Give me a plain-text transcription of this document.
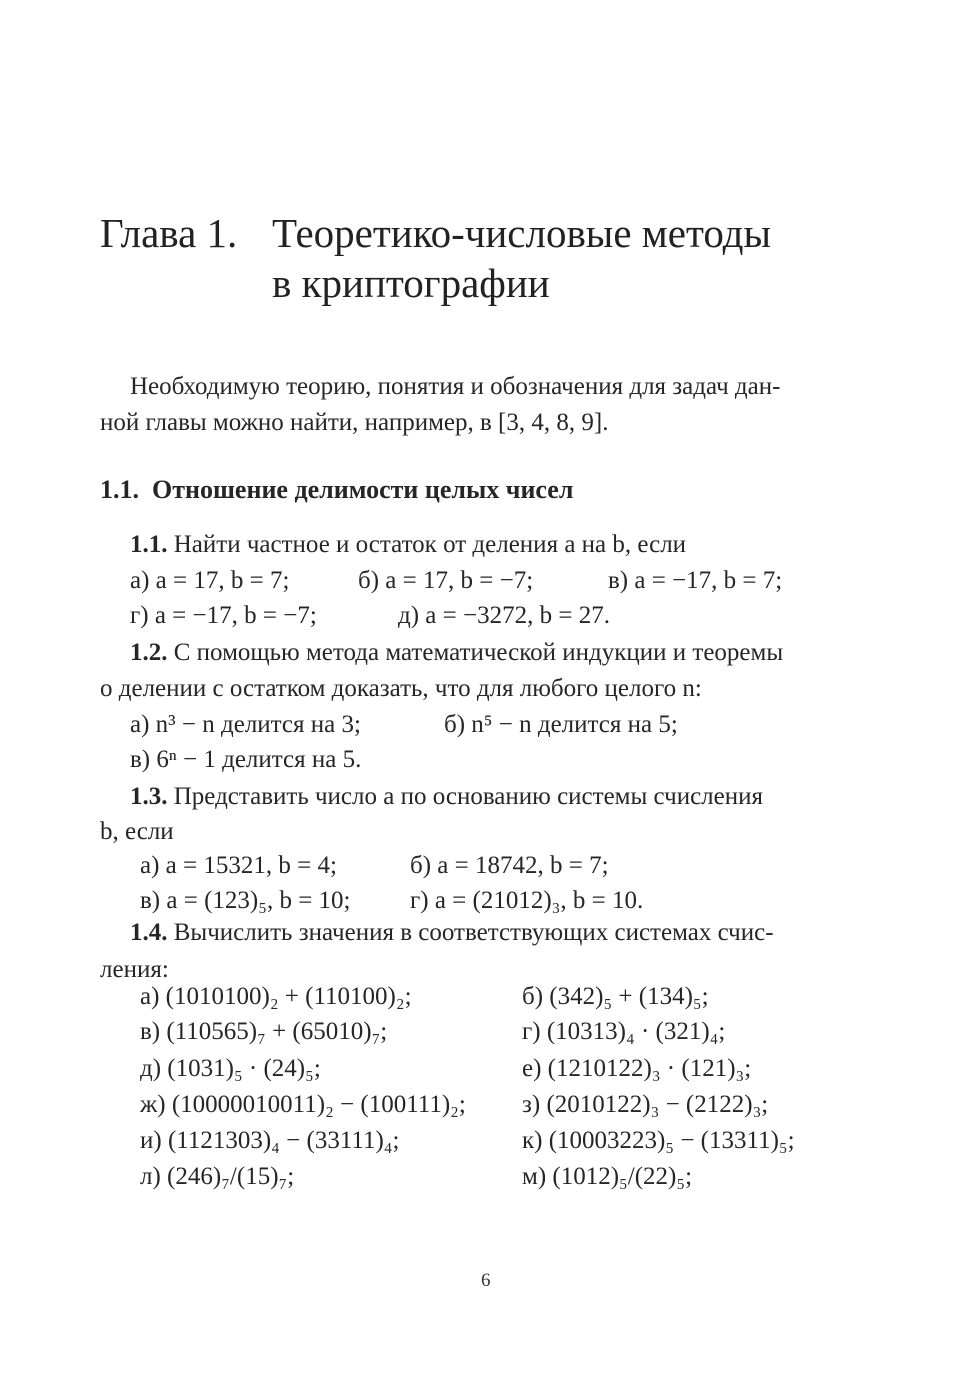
Глава 1. Теоретико-числовые методы
в криптографии
Необходимую теорию, понятия и обозначения для задач дан-
ной главы можно найти, например, в [3, 4, 8, 9].
1.1. Отношение делимости целых чисел
1.1. Найти частное и остаток от деления a на b, если
а) a = 17, b = 7;	б) a = 17, b = −7;	в) a = −17, b = 7;
г) a = −17, b = −7;	д) a = −3272, b = 27.
1.2. С помощью метода математической индукции и теоремы
о делении с остатком доказать, что для любого целого n:
а) n³ − n делится на 3;	б) n⁵ − n делится на 5;
в) 6ⁿ − 1 делится на 5.
1.3. Представить число a по основанию системы счисления
b, если
а) a = 15321, b = 4;	б) a = 18742, b = 7;
в) a = (123)₅, b = 10; г) a = (21012)₃, b = 10.
1.4. Вычислить значения в соответствующих системах счис-
ления:
а) (1010100)₂ + (110100)₂;	б) (342)₅ + (134)₅;
в) (110565)₇ + (65010)₇;	г) (10313)₄ · (321)₄;
д) (1031)₅ · (24)₅;	е) (1210122)₃ · (121)₃;
ж) (10000010011)₂ − (100111)₂; з) (2010122)₃ − (2122)₃;
и) (1121303)₄ − (33111)₄;	к) (10003223)₅ − (13311)₅;
л) (246)₇/(15)₇;	м) (1012)₅/(22)₅;
6
